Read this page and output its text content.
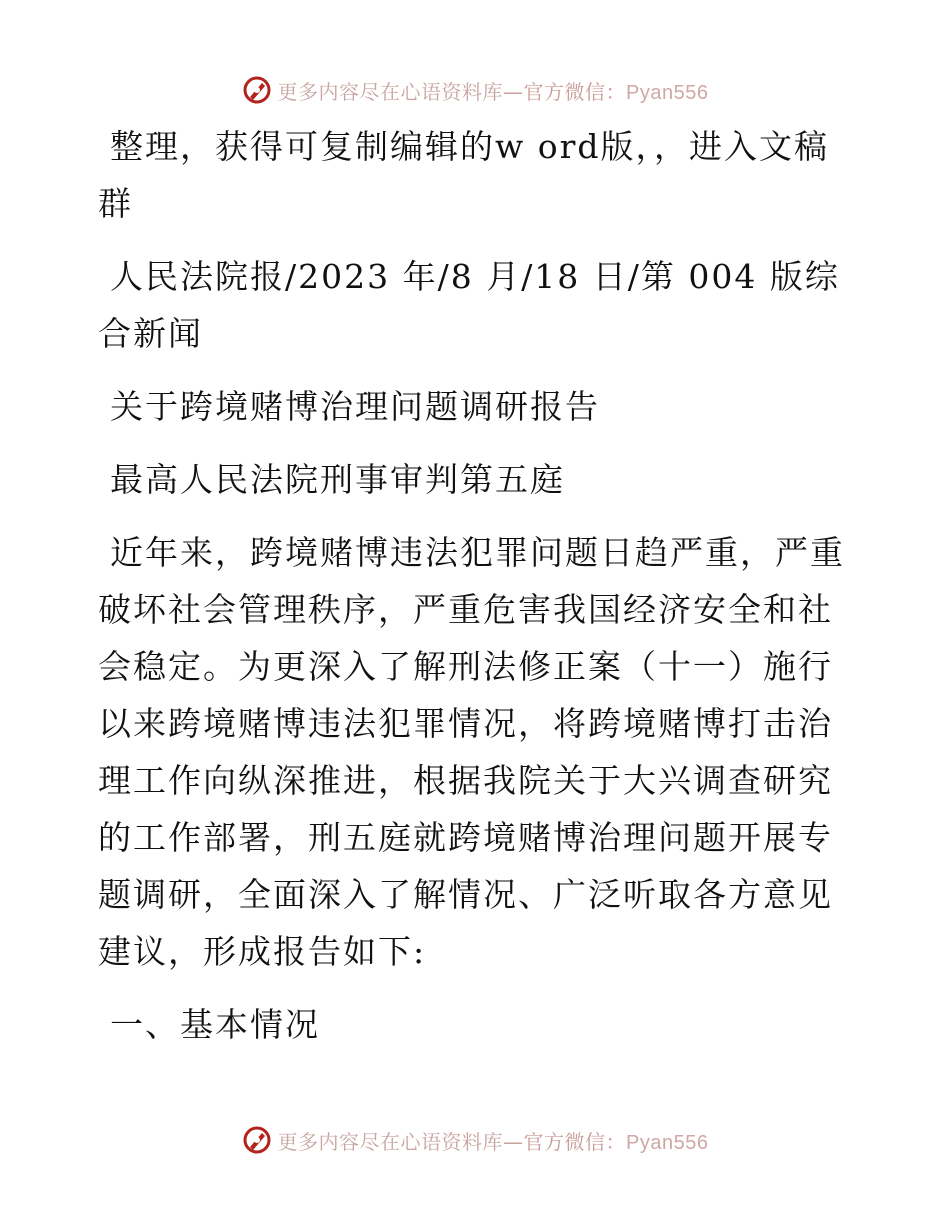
更多内容尽在心语资料库—官方微信：Pyan556

整理，获得可复制编辑的w ord版，，进入文稿群

人民法院报/2023 年/8 月/18 日/第 004 版综合新闻

关于跨境赌博治理问题调研报告

最高人民法院刑事审判第五庭

近年来，跨境赌博违法犯罪问题日趋严重，严重破坏社会管理秩序，严重危害我国经济安全和社会稳定。为更深入了解刑法修正案（十一）施行以来跨境赌博违法犯罪情况，将跨境赌博打击治理工作向纵深推进，根据我院关于大兴调查研究的工作部署，刑五庭就跨境赌博治理问题开展专题调研，全面深入了解情况、广泛听取各方意见建议，形成报告如下:

一、基本情况

更多内容尽在心语资料库—官方微信：Pyan556
